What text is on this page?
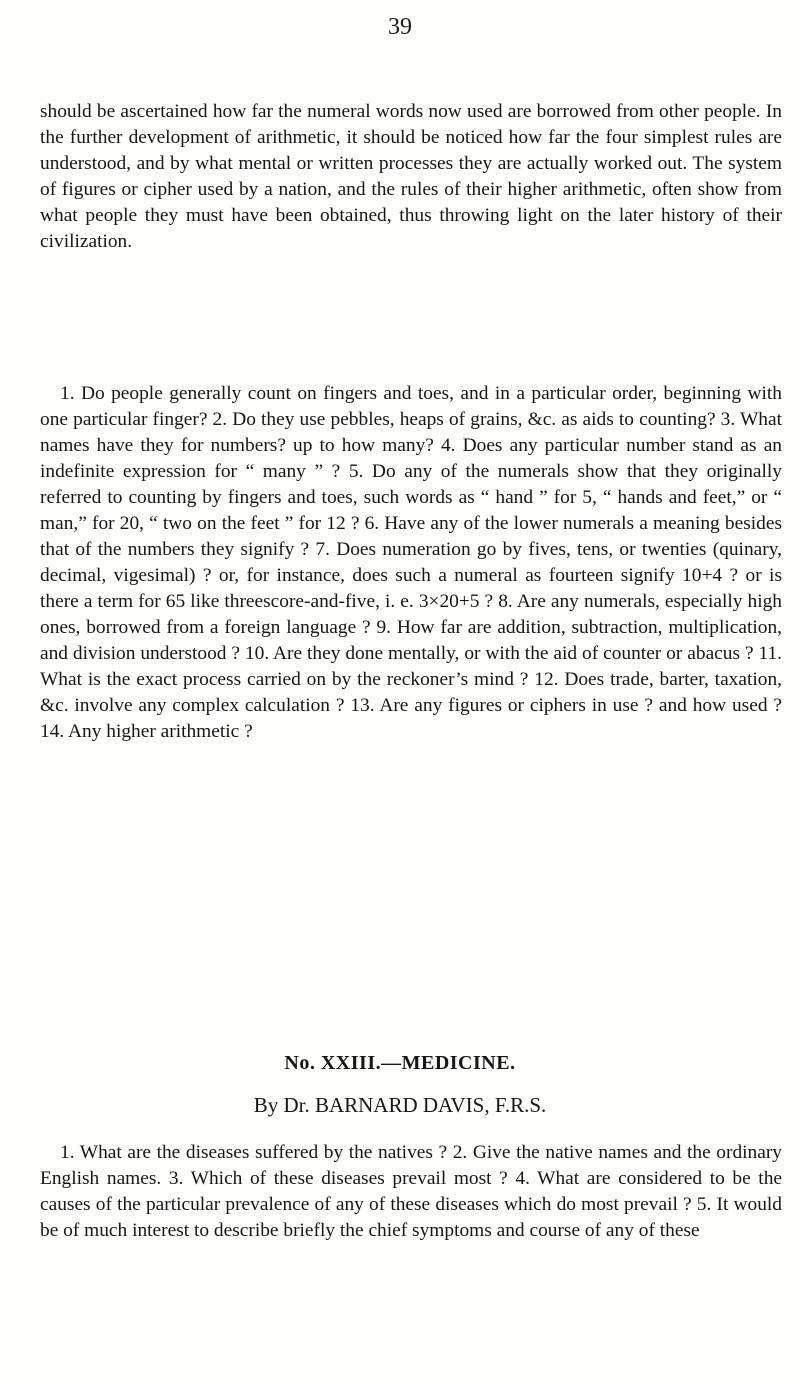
39

should be ascertained how far the numeral words now used are borrowed from other people. In the further development of arithmetic, it should be noticed how far the four simplest rules are understood, and by what mental or written processes they are actually worked out. The system of figures or cipher used by a nation, and the rules of their higher arithmetic, often show from what people they must have been obtained, thus throwing light on the later history of their civilization.

1. Do people generally count on fingers and toes, and in a particular order, beginning with one particular finger? 2. Do they use pebbles, heaps of grains, &c. as aids to counting? 3. What names have they for numbers? up to how many? 4. Does any particular number stand as an indefinite expression for “ many ” ? 5. Do any of the numerals show that they originally referred to counting by fingers and toes, such words as “ hand ” for 5, “ hands and feet,” or “ man,” for 20, “ two on the feet ” for 12 ? 6. Have any of the lower numerals a meaning besides that of the numbers they signify ? 7. Does numeration go by fives, tens, or twenties (quinary, decimal, vigesimal) ? or, for instance, does such a numeral as fourteen signify 10+4 ? or is there a term for 65 like threescore-and-five, i. e. 3×20+5 ? 8. Are any numerals, especially high ones, borrowed from a foreign language ? 9. How far are addition, subtraction, multiplication, and division understood ? 10. Are they done mentally, or with the aid of counter or abacus ? 11. What is the exact process carried on by the reckoner’s mind ? 12. Does trade, barter, taxation, &c. involve any complex calculation ? 13. Are any figures or ciphers in use ? and how used ? 14. Any higher arithmetic ?

No. XXIII.—MEDICINE.

By Dr. BARNARD DAVIS, F.R.S.

1. What are the diseases suffered by the natives ? 2. Give the native names and the ordinary English names. 3. Which of these diseases prevail most ? 4. What are considered to be the causes of the particular prevalence of any of these diseases which do most prevail ? 5. It would be of much interest to describe briefly the chief symptoms and course of any of these
